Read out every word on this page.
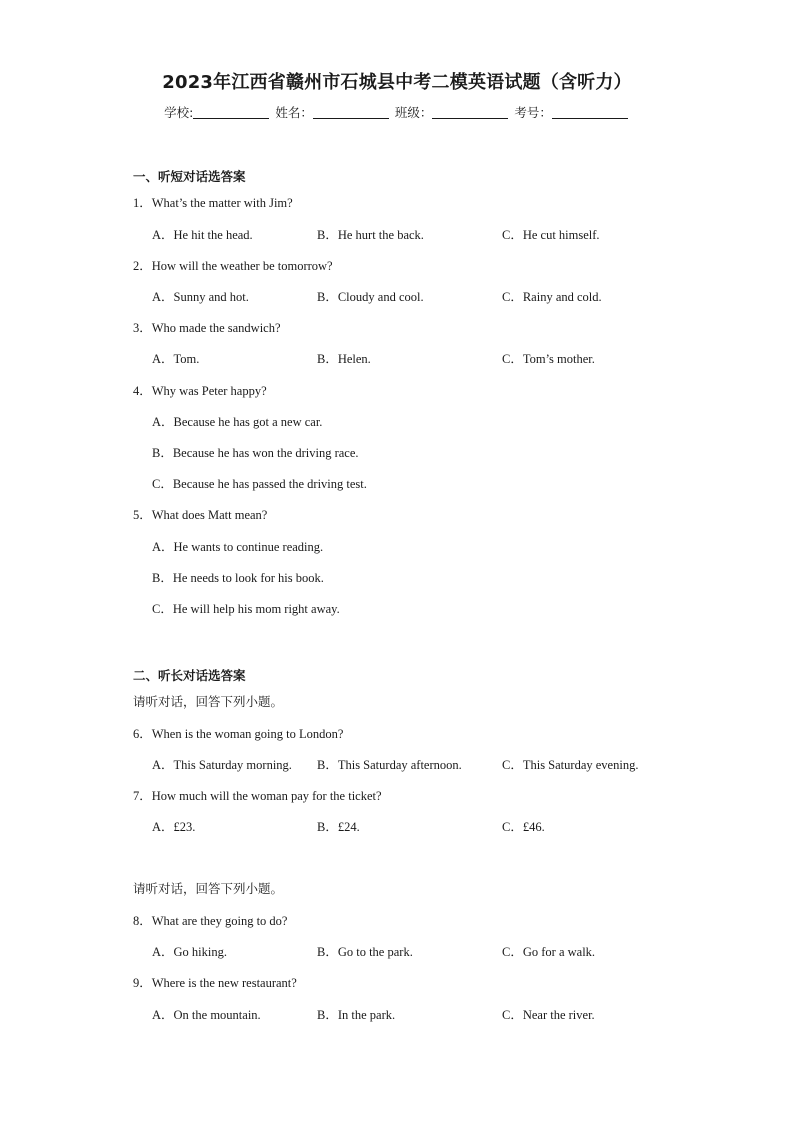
2023年江西省赣州市石城县中考二模英语试题（含听力）
学校:	姓名：	班级：	考号：
一、听短对话选答案
1．What’s the matter with Jim?
A．He hit the head.	B．He hurt the back.	C．He cut himself.
2．How will the weather be tomorrow?
A．Sunny and hot.	B．Cloudy and cool.	C．Rainy and cold.
3．Who made the sandwich?
A．Tom.	B．Helen.	C．Tom’s mother.
4．Why was Peter happy?
A．Because he has got a new car.
B．Because he has won the driving race.
C．Because he has passed the driving test.
5．What does Matt mean?
A．He wants to continue reading.
B．He needs to look for his book.
C．He will help his mom right away.
二、听长对话选答案
请听对话，回答下列小题。
6．When is the woman going to London?
A．This Saturday morning. B．This Saturday afternoon.	C．This Saturday evening.
7．How much will the woman pay for the ticket?
A．£23.	B．£24.	C．£46.
请听对话，回答下列小题。
8．What are they going to do?
A．Go hiking.	B．Go to the park.	C．Go for a walk.
9．Where is the new restaurant?
A．On the mountain.	B．In the park.	C．Near the river.
